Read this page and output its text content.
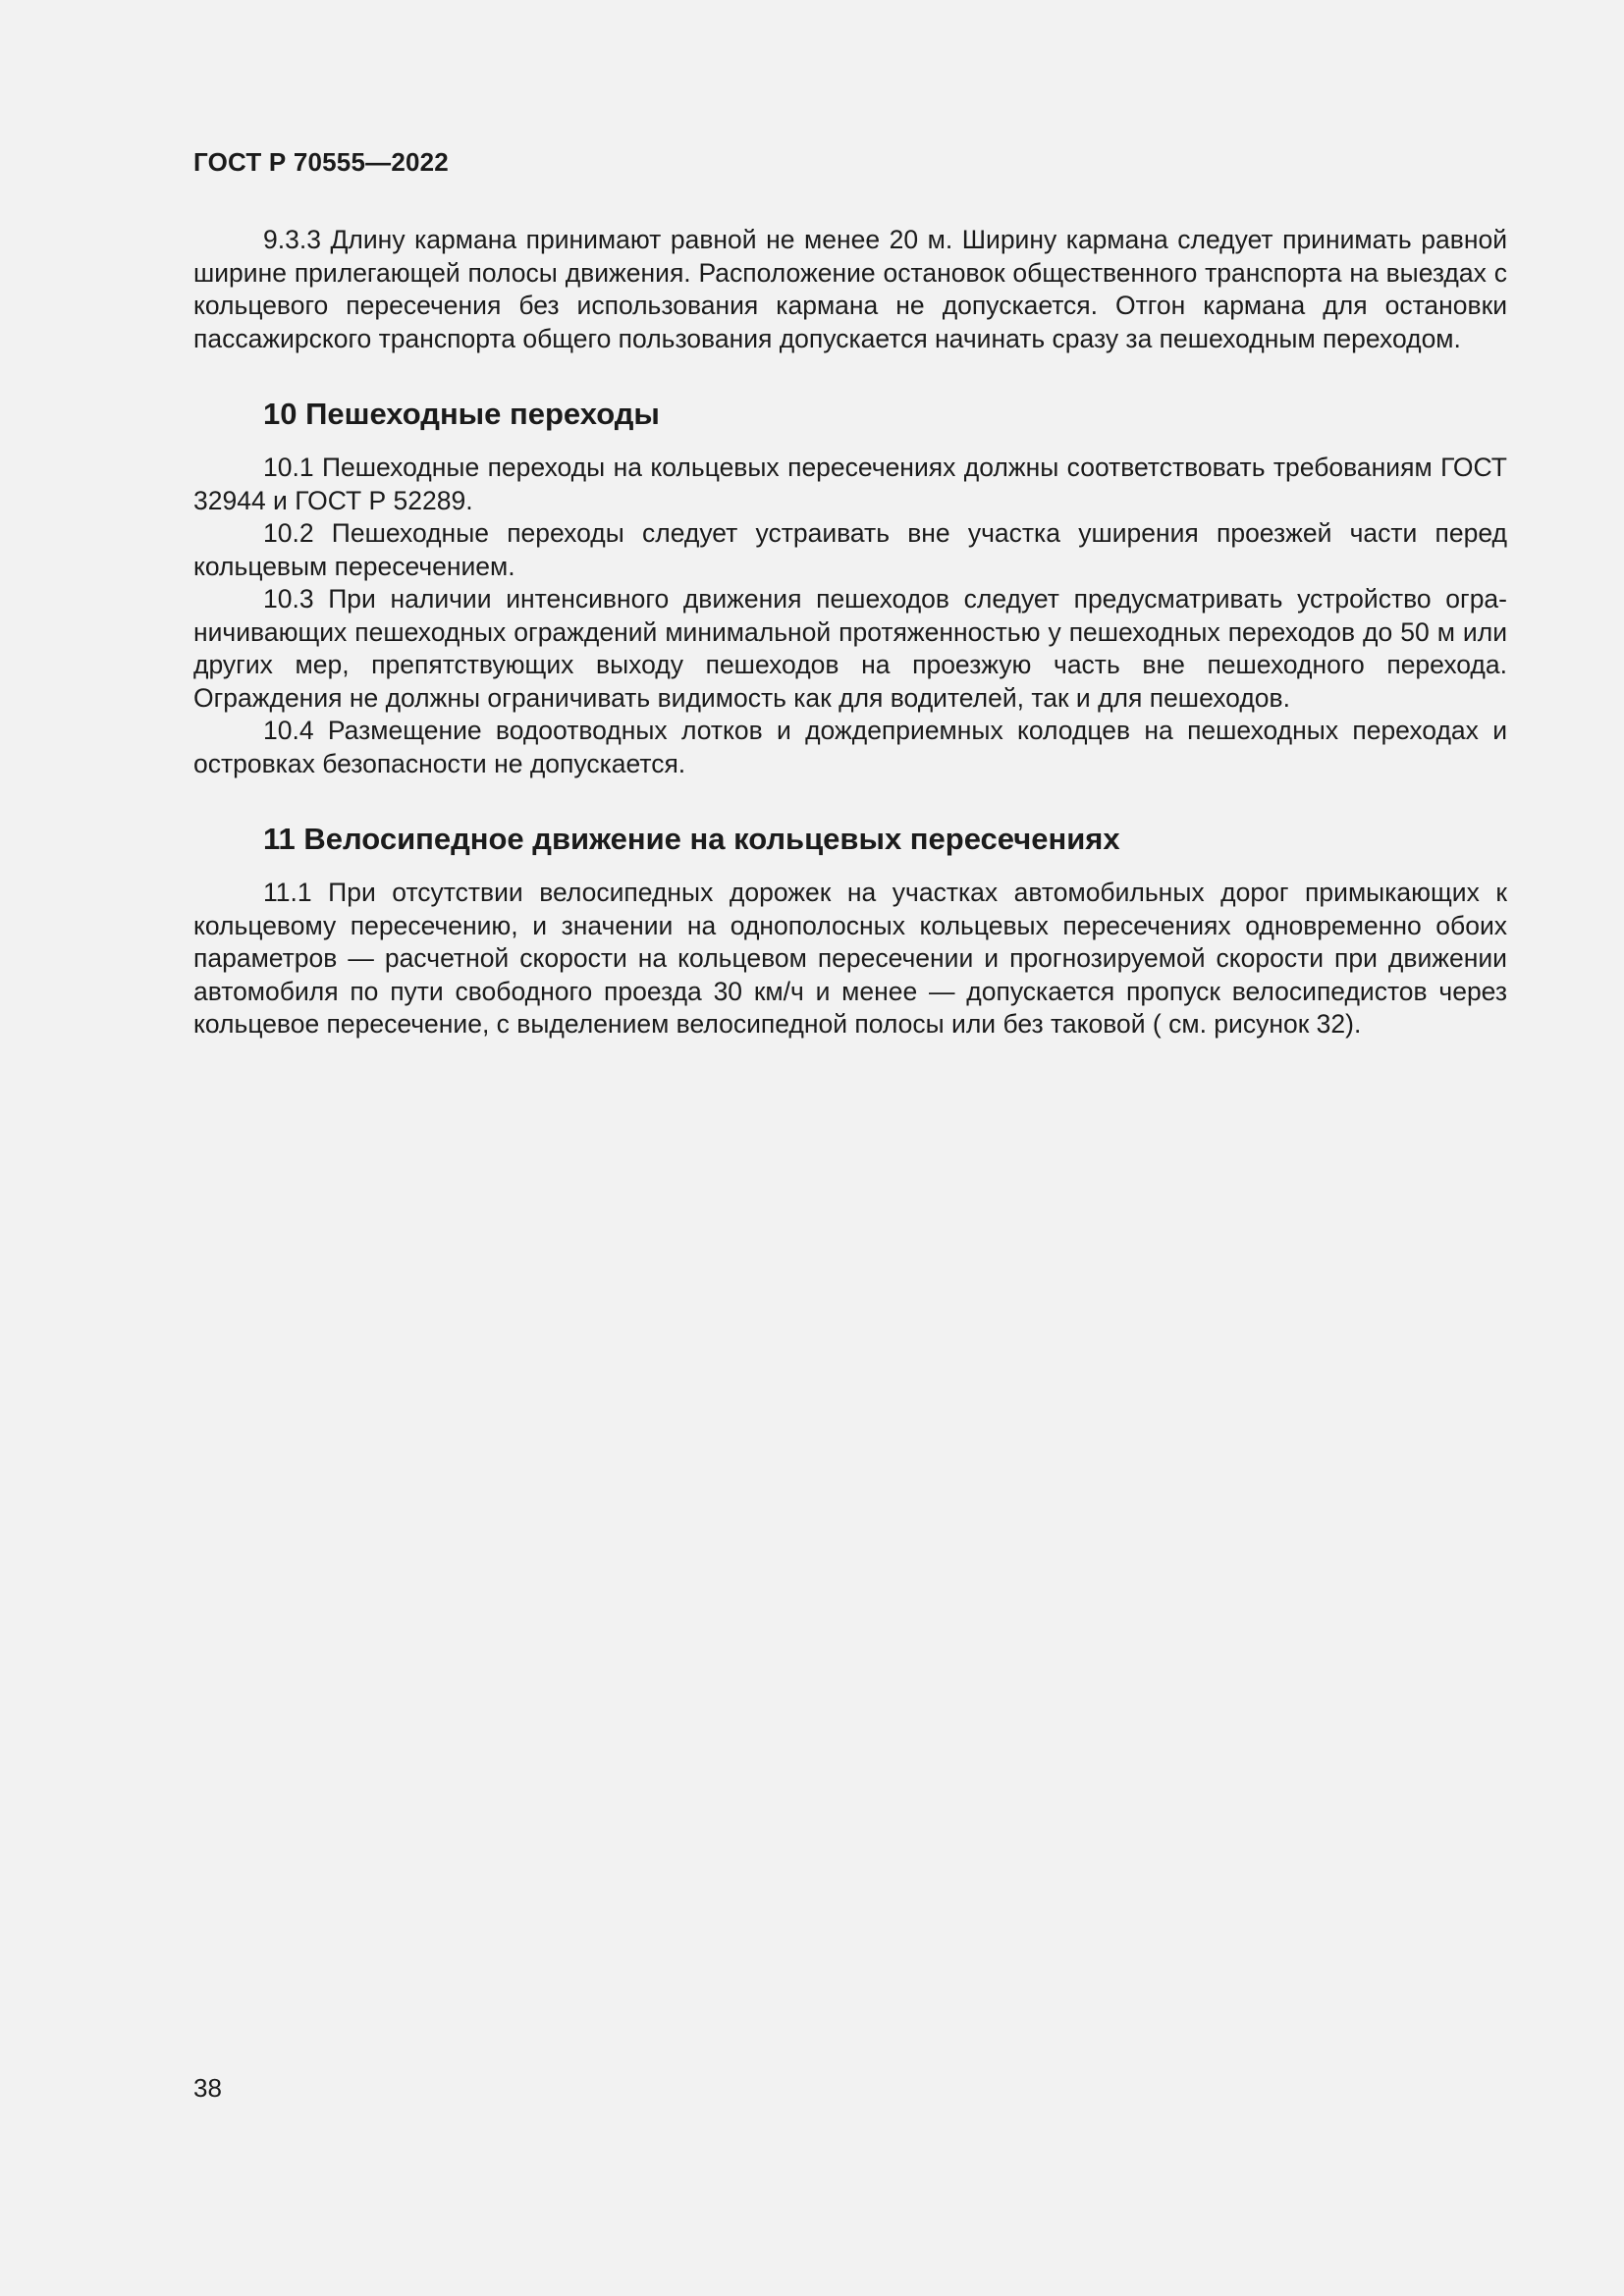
ГОСТ Р 70555—2022

9.3.3 Длину кармана принимают равной не менее 20 м. Ширину кармана следует принимать равной ширине прилегающей полосы движения. Расположение остановок общественного транспорта на выездах с кольцевого пересечения без использования кармана не допускается. Отгон кармана для остановки пассажирского транспорта общего пользования допускается начинать сразу за пешеходным переходом.

10 Пешеходные переходы

10.1 Пешеходные переходы на кольцевых пересечениях должны соответствовать требованиям ГОСТ 32944 и ГОСТ Р 52289.

10.2 Пешеходные переходы следует устраивать вне участка уширения проезжей части перед кольцевым пересечением.

10.3 При наличии интенсивного движения пешеходов следует предусматривать устройство ограничивающих пешеходных ограждений минимальной протяженностью у пешеходных переходов до 50 м или других мер, препятствующих выходу пешеходов на проезжую часть вне пешеходного перехода. Ограждения не должны ограничивать видимость как для водителей, так и для пешеходов.

10.4 Размещение водоотводных лотков и дождеприемных колодцев на пешеходных переходах и островках безопасности не допускается.

11 Велосипедное движение на кольцевых пересечениях

11.1 При отсутствии велосипедных дорожек на участках автомобильных дорог примыкающих к кольцевому пересечению, и значении на однополосных кольцевых пересечениях одновременно обоих параметров — расчетной скорости на кольцевом пересечении и прогнозируемой скорости при движении автомобиля по пути свободного проезда 30 км/ч и менее — допускается пропуск велосипедистов через кольцевое пересечение, с выделением велосипедной полосы или без таковой ( см. рисунок 32).

38
